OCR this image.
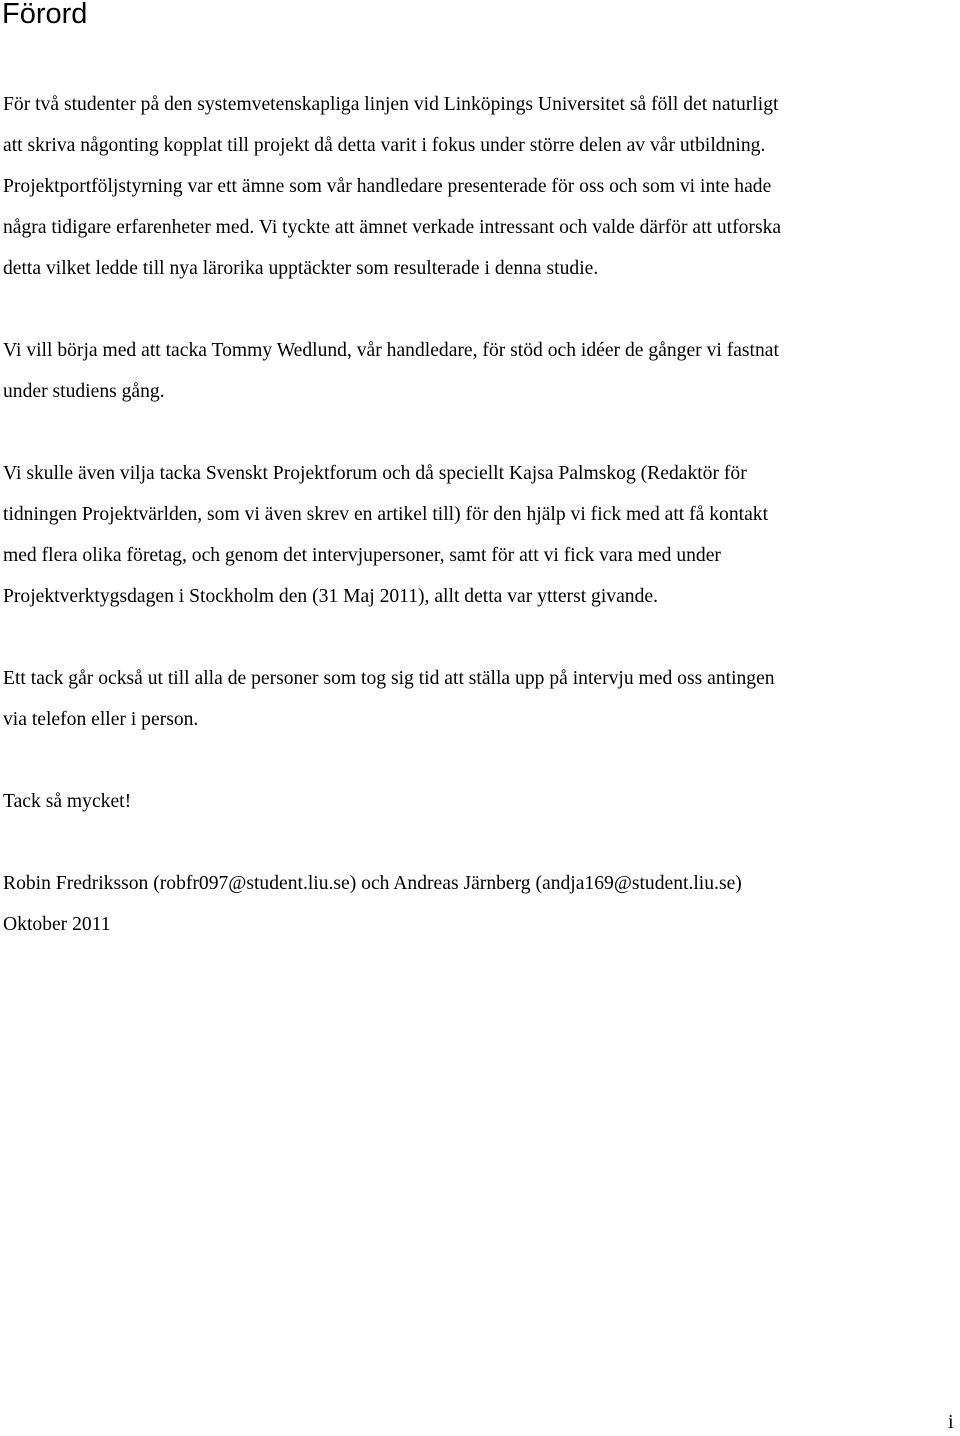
Förord

För två studenter på den systemvetenskapliga linjen vid Linköpings Universitet så föll det naturligt
att skriva någonting kopplat till projekt då detta varit i fokus under större delen av vår utbildning.
Projektportföljstyrning var ett ämne som vår handledare presenterade för oss och som vi inte hade
några tidigare erfarenheter med. Vi tyckte att ämnet verkade intressant och valde därför att utforska
detta vilket ledde till nya lärorika upptäckter som resulterade i denna studie.

Vi vill börja med att tacka Tommy Wedlund, vår handledare, för stöd och idéer de gånger vi fastnat
under studiens gång.

Vi skulle även vilja tacka Svenskt Projektforum och då speciellt Kajsa Palmskog (Redaktör för
tidningen Projektvärlden, som vi även skrev en artikel till) för den hjälp vi fick med att få kontakt
med flera olika företag, och genom det intervjupersoner, samt för att vi fick vara med under
Projektverktygsdagen i Stockholm den (31 Maj 2011), allt detta var ytterst givande.

Ett tack går också ut till alla de personer som tog sig tid att ställa upp på intervju med oss antingen
via telefon eller i person.

Tack så mycket!

Robin Fredriksson (robfr097@student.liu.se) och Andreas Järnberg (andja169@student.liu.se)
Oktober 2011

i
